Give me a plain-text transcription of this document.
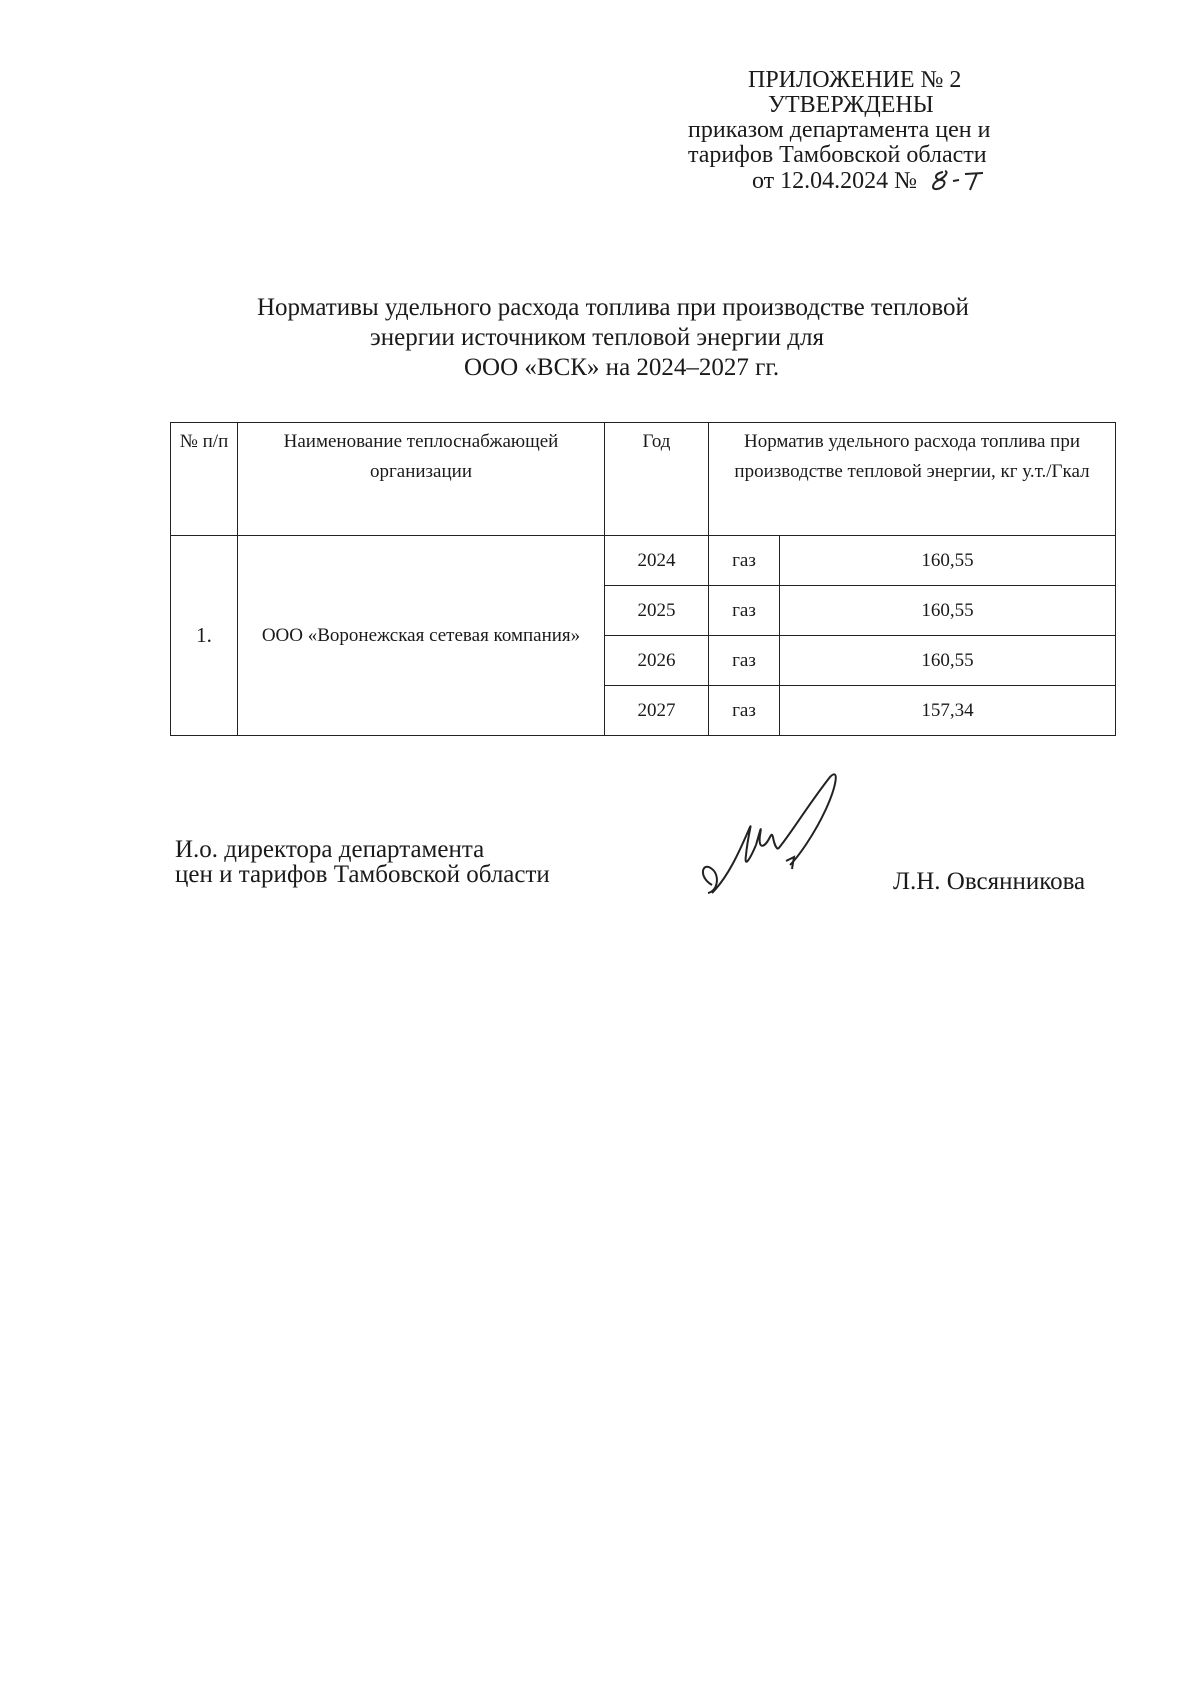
ПРИЛОЖЕНИЕ № 2
УТВЕРЖДЕНЫ
приказом департамента цен и
тарифов Тамбовской области
от 12.04.2024 №
Нормативы удельного расхода топлива при производстве тепловой
энергии источником тепловой энергии для
ООО «ВСК» на 2024–2027 гг.
№ п/п	Наименование теплоснабжающей организации	Год	Норматив удельного расхода топлива при производстве тепловой энергии, кг у.т./Гкал	
1.	ООО «Воронежская сетевая компания»	2024	газ	160,55
		2025	газ	160,55
		2026	газ	160,55
		2027	газ	157,34
И.о. директора департамента
цен и тарифов Тамбовской области	Л.Н. Овсянникова
